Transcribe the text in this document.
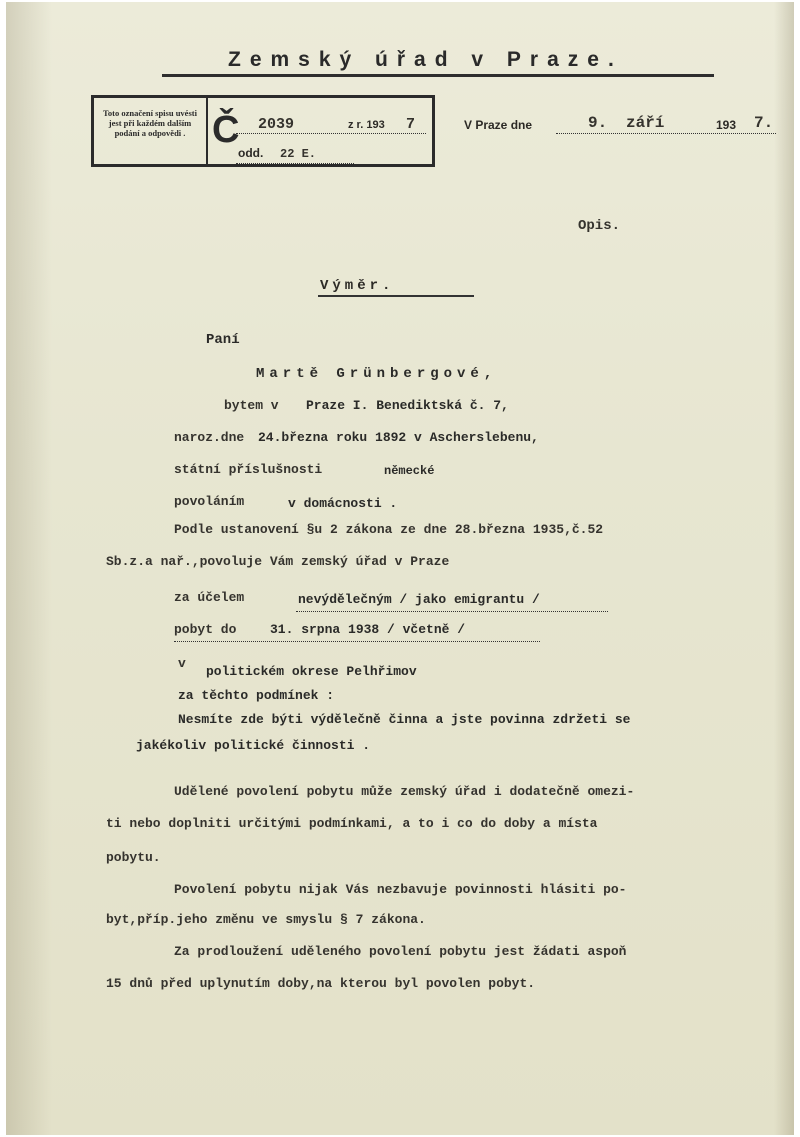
Zemský úřad v Praze.
Toto označení spisu uvésti jest při každém dalším podání a odpovědi . Č 2039	z r. 193 7
odd. 22 E.
V Praze dne	9. září	193 7.
Opis.
Výměr.
Paní
Martě Grünbergové,
bytem v Praze I. Benediktská č. 7,
naroz.dne 24.března roku 1892 v Ascherslebenu,
státní příslušnosti	německé
povoláním	v domácnosti .
Podle ustanovení §u 2 zákona ze dne 28.března 1935,č.52
Sb.z.a nař.,povoluje Vám zemský úřad v Praze
za účelem	nevýdělečným / jako emigrantu /
pobyt do	31. srpna 1938 / včetně /
v
politickém okrese Pelhřimov
za těchto podmínek :
Nesmíte zde býti výdělečně činna a jste povinna zdržeti se
jakékoliv politické činnosti .
Udělené povolení pobytu může zemský úřad i dodatečně omezi-
ti nebo doplniti určitými podmínkami, a to i co do doby a místa
pobytu.
Povolení pobytu nijak Vás nezbavuje povinnosti hlásiti po-
byt,příp.jeho změnu ve smyslu § 7 zákona.
Za prodloužení uděleného povolení pobytu jest žádati aspoň
15 dnů před uplynutím doby,na kterou byl povolen pobyt.
